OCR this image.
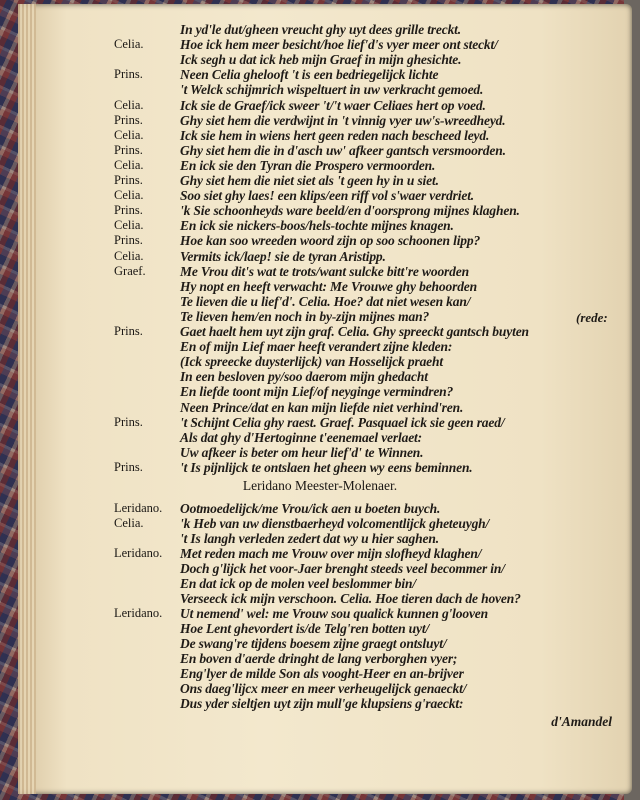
Leridano Meester-Molenaer.
d'Amandel
(rede:
In yd'le dut/gheen vreucht ghy uyt dees grille treckt.
Celia.	Hoe ick hem meer besicht/hoe lief'd's vyer meer ont steckt/
Ick segh u dat ick heb mijn Graef in mijn ghesichte.
Prins.	Neen Celia ghelooft 't is een bedriegelijck lichte
't Welck schijmrich wispeltuert in uw verkracht gemoed.
Celia.	Ick sie de Graef/ick sweer 't/'t waer Celiaes hert op voed.
Prins.	Ghy siet hem die verdwijnt in 't vinnig vyer uw's-wreedheyd.
Celia.	Ick sie hem in wiens hert geen reden nach bescheed leyd.
Prins.	Ghy siet hem die in d'asch uw' afkeer gantsch versmoorden.
Celia.	En ick sie den Tyran die Prospero vermoorden.
Prins.	Ghy siet hem die niet siet als 't geen hy in u siet.
Celia.	Soo siet ghy laes! een klips/een riff vol s'waer verdriet.
Prins.	'k Sie schoonheyds ware beeld/en d'oorsprong mijnes klaghen.
Celia.	En ick sie nickers-boos/hels-tochte mijnes knagen.
Prins.	Hoe kan soo wreeden woord zijn op soo schoonen lipp?
Celia.	Vermits ick/laep! sie de tyran Aristipp.
Graef.	Me Vrou dit's wat te trots/want sulcke bitt're woorden
Hy nopt en heeft verwacht: Me Vrouwe ghy behoorden
Te lieven die u lief'd'. Celia. Hoe? dat niet wesen kan/
Te lieven hem/en noch in by-zijn mijnes man?
Prins.	Gaet haelt hem uyt zijn graf. Celia. Ghy spreeckt gantsch buyten
En of mijn Lief maer heeft verandert zijne kleden:
(Ick spreecke duysterlijck) van Hosselijck praeht
In een besloven py/soo daerom mijn ghedacht
En liefde toont mijn Lief/of neyginge vermindren?
Neen Prince/dat en kan mijn liefde niet verhind'ren.
Prins.	't Schijnt Celia ghy raest. Graef. Pasquael ick sie geen raed/
Als dat ghy d'Hertoginne t'eenemael verlaet:
Uw afkeer is beter om heur lief'd' te Winnen.
Prins.	't Is pijnlijck te ontslaen het gheen wy eens beminnen.
Leridano. Ootmoedelijck/me Vrou/ick aen u boeten buych.
Celia.	'k Heb van uw dienstbaerheyd volcomentlijck gheteuygh/
't Is langh verleden zedert dat wy u hier saghen.
Leridano. Met reden mach me Vrouw over mijn slofheyd klaghen/
Doch g'lijck het voor-Jaer brenght steeds veel becommer in/
En dat ick op de molen veel beslommer bin/
Verseeck ick mijn verschoon. Celia. Hoe tieren dach de hoven?
Leridano. Ut nemend' wel: me Vrouw sou qualick kunnen g'looven
Hoe Lent ghevordert is/de Telg'ren botten uyt/
De swang're tijdens boesem zijne graegt ontsluyt/
En boven d'aerde dringht de lang verborghen vyer;
Eng'lyer de milde Son als vooght-Heer en an-brijver
Ons daeg'lijcx meer en meer verheugelijck genaeckt/
Dus yder sieltjen uyt zijn mull'ge klupsiens g'raeckt:
